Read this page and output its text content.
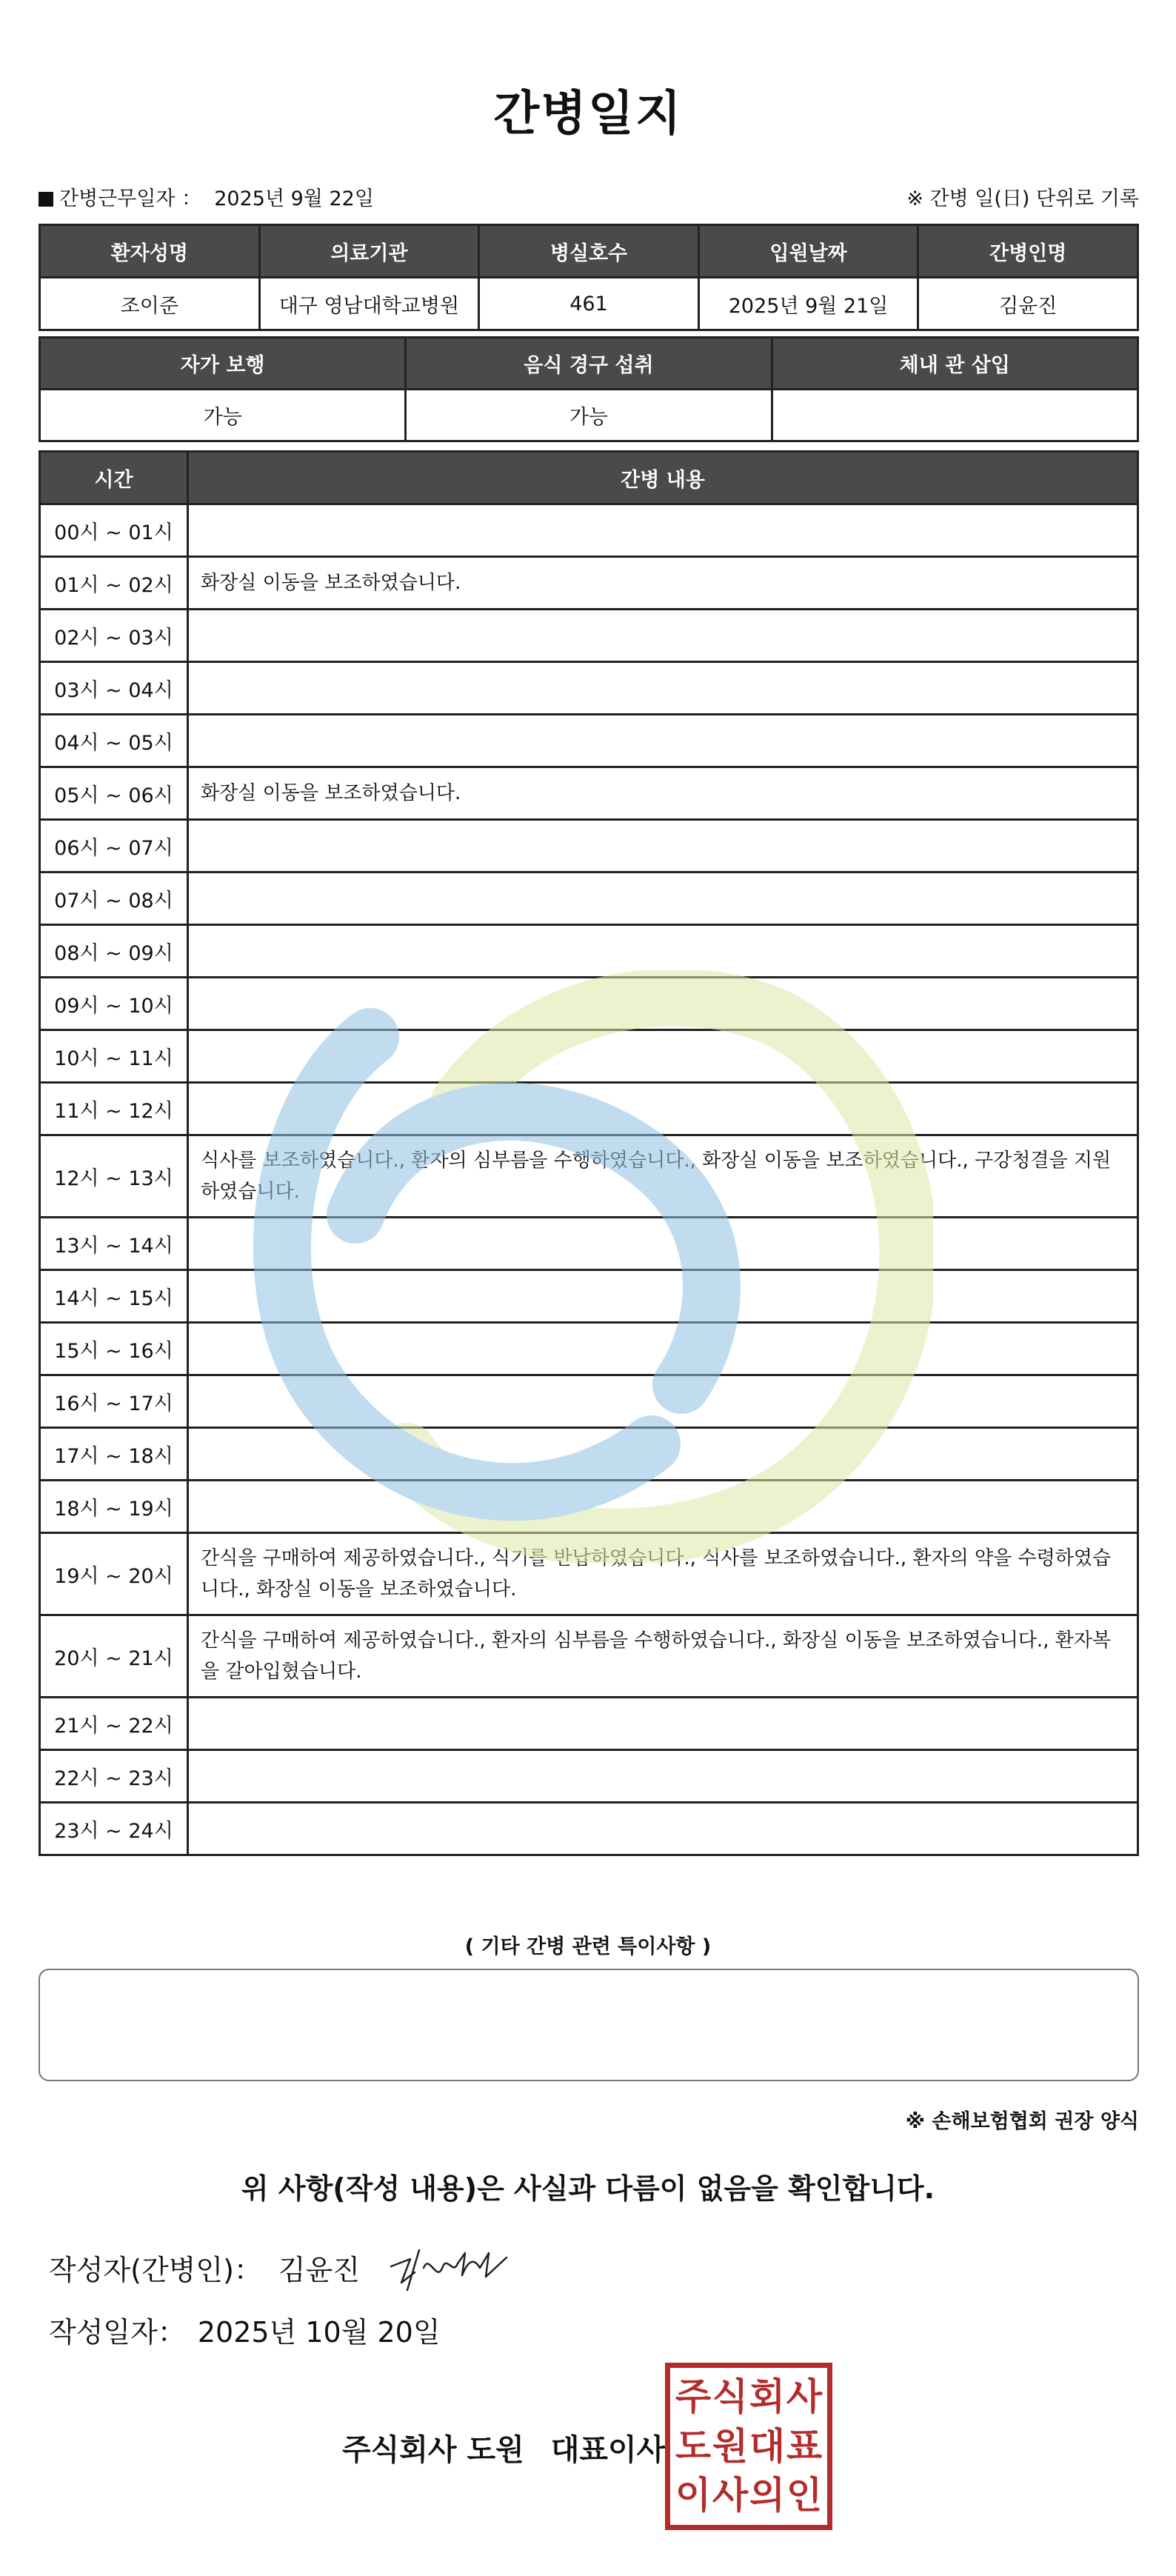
간병일지
간병근무일자 ： 2025년 9월 22일	※ 간병 일(日) 단위로 기록
환자성명	의료기관	병실호수	입원날짜	간병인명
조이준	대구 영남대학교병원	461	2025년 9월 21일	김윤진
자가 보행	음식 경구 섭취	체내 관 삽입
가능	가능	
시간	간병 내용
00시 ~ 01시	
01시 ~ 02시	화장실 이동을 보조하였습니다.
02시 ~ 03시	
03시 ~ 04시	
04시 ~ 05시	
05시 ~ 06시	화장실 이동을 보조하였습니다.
06시 ~ 07시	
07시 ~ 08시	
08시 ~ 09시	
09시 ~ 10시	
10시 ~ 11시	
11시 ~ 12시	
12시 ~ 13시	식사를 보조하였습니다., 환자의 심부름을 수행하였습니다., 화장실 이동을 보조하였습니다., 구강청결을 지원하였습니다.
13시 ~ 14시	
14시 ~ 15시	
15시 ~ 16시	
16시 ~ 17시	
17시 ~ 18시	
18시 ~ 19시	
19시 ~ 20시	간식을 구매하여 제공하였습니다., 식기를 반납하였습니다., 식사를 보조하였습니다., 환자의 약을 수령하였습니다., 화장실 이동을 보조하였습니다.
20시 ~ 21시	간식을 구매하여 제공하였습니다., 환자의 심부름을 수행하였습니다., 화장실 이동을 보조하였습니다., 환자복을 갈아입혔습니다.
21시 ~ 22시	
22시 ~ 23시	
23시 ~ 24시	
( 기타 간병 관련 특이사항 )
※ 손해보험협회 권장 양식
위 사항(작성 내용)은 사실과 다름이 없음을 확인합니다.
작성자(간병인)： 김윤진
작성일자： 2025년 10월 20일
주식회사 도원 대표이사
주 식 회 사
도 원 대 표
이 사 의 인
